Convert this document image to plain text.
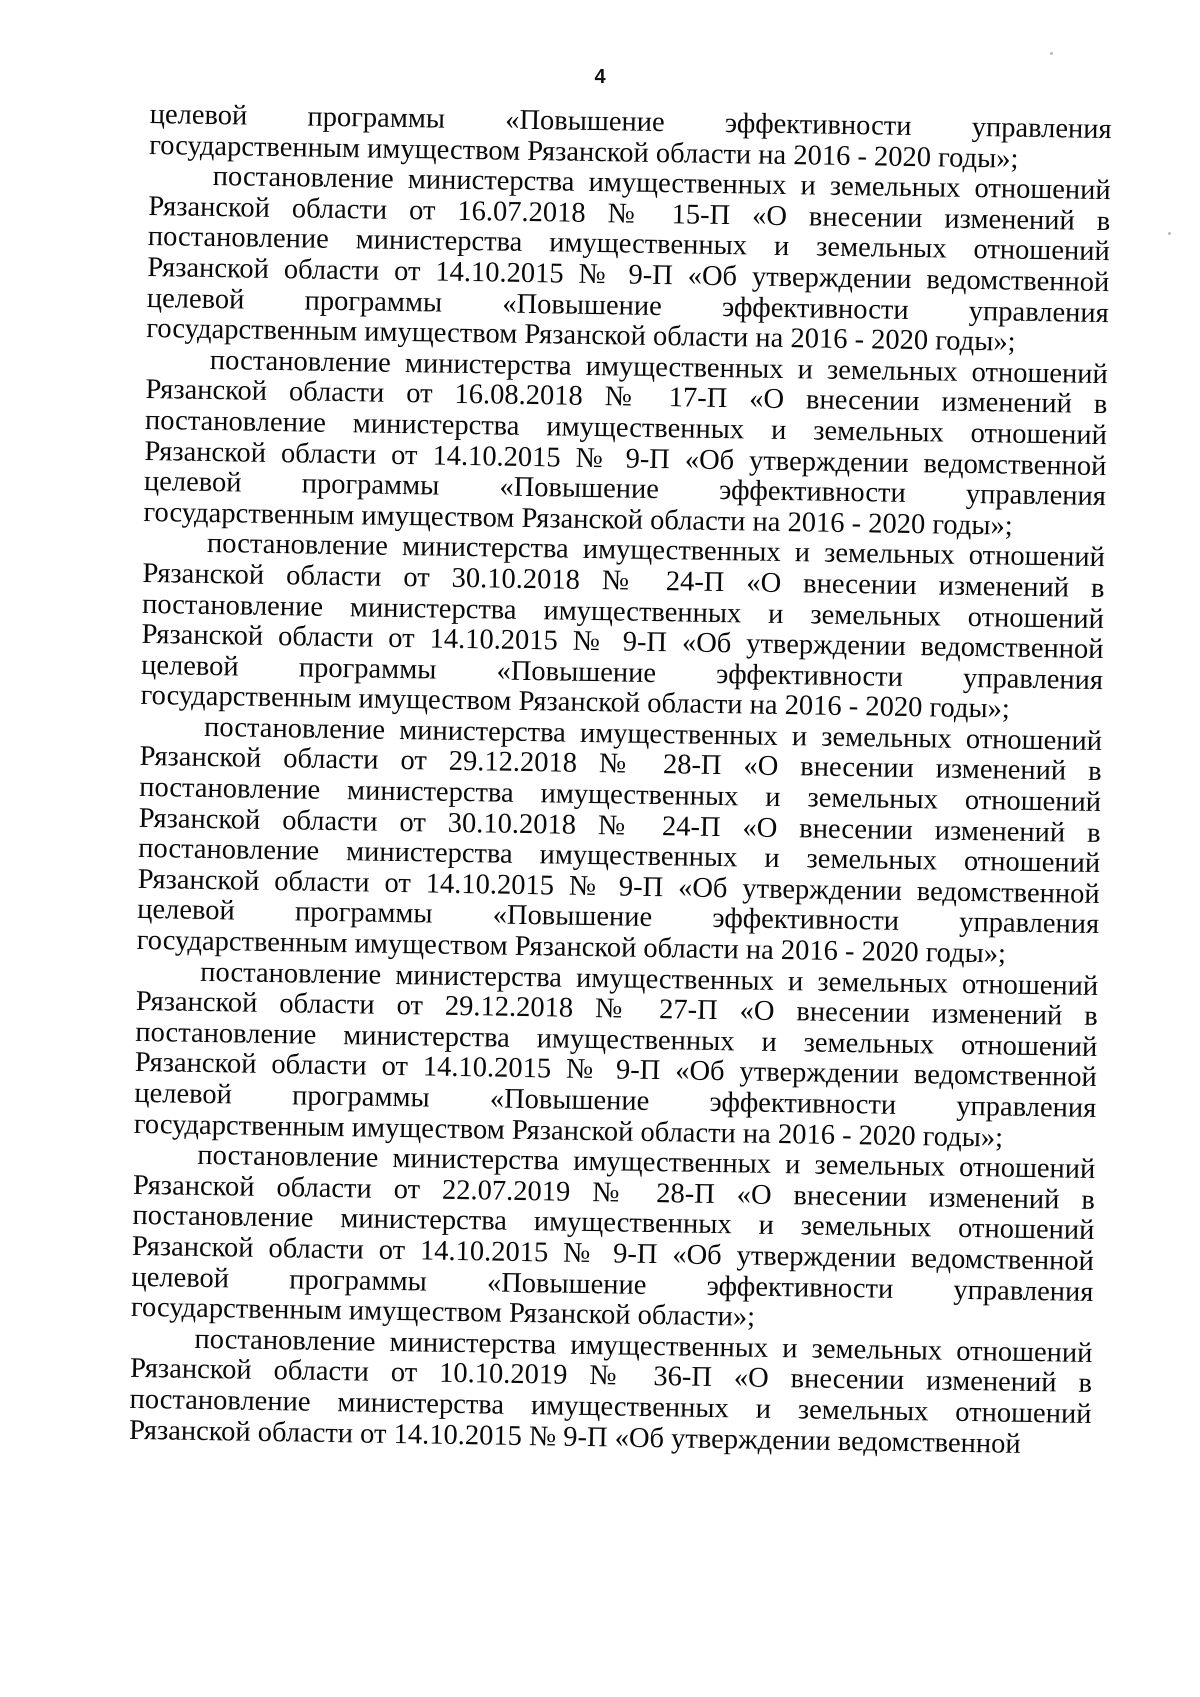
4

целевой программы «Повышение эффективности управления государственным имуществом Рязанской области на 2016 - 2020 годы»;

постановление министерства имущественных и земельных отношений Рязанской области от 16.07.2018 № 15-П «О внесении изменений в постановление министерства имущественных и земельных отношений Рязанской области от 14.10.2015 № 9-П «Об утверждении ведомственной целевой программы «Повышение эффективности управления государственным имуществом Рязанской области на 2016 - 2020 годы»;

постановление министерства имущественных и земельных отношений Рязанской области от 16.08.2018 № 17-П «О внесении изменений в постановление министерства имущественных и земельных отношений Рязанской области от 14.10.2015 № 9-П «Об утверждении ведомственной целевой программы «Повышение эффективности управления государственным имуществом Рязанской области на 2016 - 2020 годы»;

постановление министерства имущественных и земельных отношений Рязанской области от 30.10.2018 № 24-П «О внесении изменений в постановление министерства имущественных и земельных отношений Рязанской области от 14.10.2015 № 9-П «Об утверждении ведомственной целевой программы «Повышение эффективности управления государственным имуществом Рязанской области на 2016 - 2020 годы»;

постановление министерства имущественных и земельных отношений Рязанской области от 29.12.2018 № 28-П «О внесении изменений в постановление министерства имущественных и земельных отношений Рязанской области от 30.10.2018 № 24-П «О внесении изменений в постановление министерства имущественных и земельных отношений Рязанской области от 14.10.2015 № 9-П «Об утверждении ведомственной целевой программы «Повышение эффективности управления государственным имуществом Рязанской области на 2016 - 2020 годы»;

постановление министерства имущественных и земельных отношений Рязанской области от 29.12.2018 № 27-П «О внесении изменений в постановление министерства имущественных и земельных отношений Рязанской области от 14.10.2015 № 9-П «Об утверждении ведомственной целевой программы «Повышение эффективности управления государственным имуществом Рязанской области на 2016 - 2020 годы»;

постановление министерства имущественных и земельных отношений Рязанской области от 22.07.2019 № 28-П «О внесении изменений в постановление министерства имущественных и земельных отношений Рязанской области от 14.10.2015 № 9-П «Об утверждении ведомственной целевой программы «Повышение эффективности управления государственным имуществом Рязанской области»;

постановление министерства имущественных и земельных отношений Рязанской области от 10.10.2019 № 36-П «О внесении изменений в постановление министерства имущественных и земельных отношений Рязанской области от 14.10.2015 № 9-П «Об утверждении ведомственной
